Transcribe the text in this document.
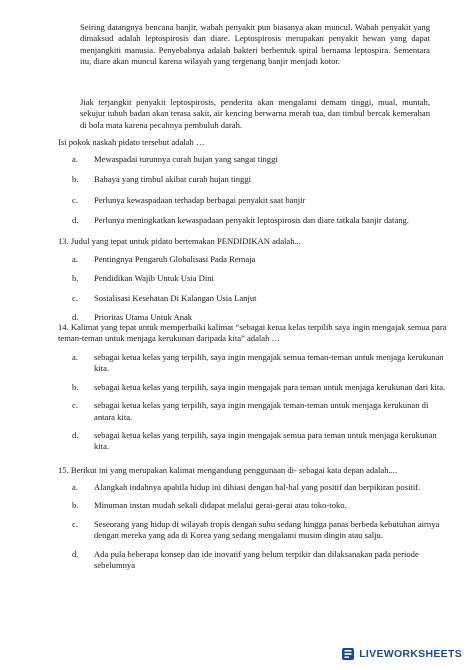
Seiring datangnya bencana banjir, wabah penyakit pun biasanya akan muncul. Wabah penyakit yang dimaksud adalah leptospirosis dan diare. Leptospirosis merupakan penyakit hewan yang dapat menjangkiti manusia. Penyebabnya adalah bakteri berbentuk spiral bernama leptospira. Sementara itu, diare akan muncul karena wilayah yang tergenang banjir menjadi kotor.

Jiak terjangkit penyakit leptospirosis, penderita akan mengalami demam tinggi, mual, muntah, sekujur tubuh badan akan terasa sakit, air kencing berwarna merah tua, dan timbul bercak kemerahan di bola mata karena pecahnya pembuluh darah.

Isi pokok naskah pidato tersebut adalah …
a.	Mewaspadai turunnya curah hujan yang sangat tinggi
b.	Bahaya yang timbul akibat curah hujan tinggi
c.	Perlunya kewaspadaan terhadap berbagai penyakit saat banjir
d.	Perlunya meningkatkan kewaspadaan penyakit leptospirosis dan diare tatkala banjir datang.
13. Judul yang tepat untuk pidato bertemakan PENDIDIKAN adalah...
a.	Pentingnya Pengaruh Globalisasi Pada Remaja
b.	Pendidikan Wajib Untuk Usia Dini
c.	Sosialisasi Kesehatan Di Kalangan Usia Lanjut
d.	Prioritas Utama Untuk Anak
14. Kalimat yang tepat untuk memperbaiki kalimat “sebagai ketua kelas terpilih saya ingin mengajak semua para teman-teman untuk menjaga kerukunan daripada kita” adalah …
a.	sebagai ketua kelas yang terpilih, saya ingin mengajak semua teman-teman untuk menjaga kerukunan kita.
b.	sebagai ketua kelas yang terpilih, saya ingin mengajak para teman untuk menjaga kerukunan dari kita.
c.	sebagai ketua kelas yang terpilih, saya ingin mengajak teman-teman untuk menjaga kerukunan di antara kita.
d.	sebagai ketua kelas yang terpilih, saya ingin mengajak semua para teman untuk menjaga kerukunan kita.
15. Berikut ini yang merupakan kalimat mengandung penggunaan di- sebagai kata depan adalah....
a.	Alangkah indahnya apabila hidup ini dihiasi dengan hal-hal yang positif dan berpikiran positif.
b.	Minuman instan mudah sekali didapat melalui gerai-gerai atau toko-toko.
c.	Seseorang yang hidup di wilayah tropis dengan suhu sedang hingga panas berbeda kebutuhan airnya dengan mereka yang ada di Korea yang sedang mengalami musim dingin atau salju.
d.	Ada pula beberapa konsep dan ide inovatif yang belum terpikir dan dilaksanakan pada periode sebelumnya
LIVEWORKSHEETS
